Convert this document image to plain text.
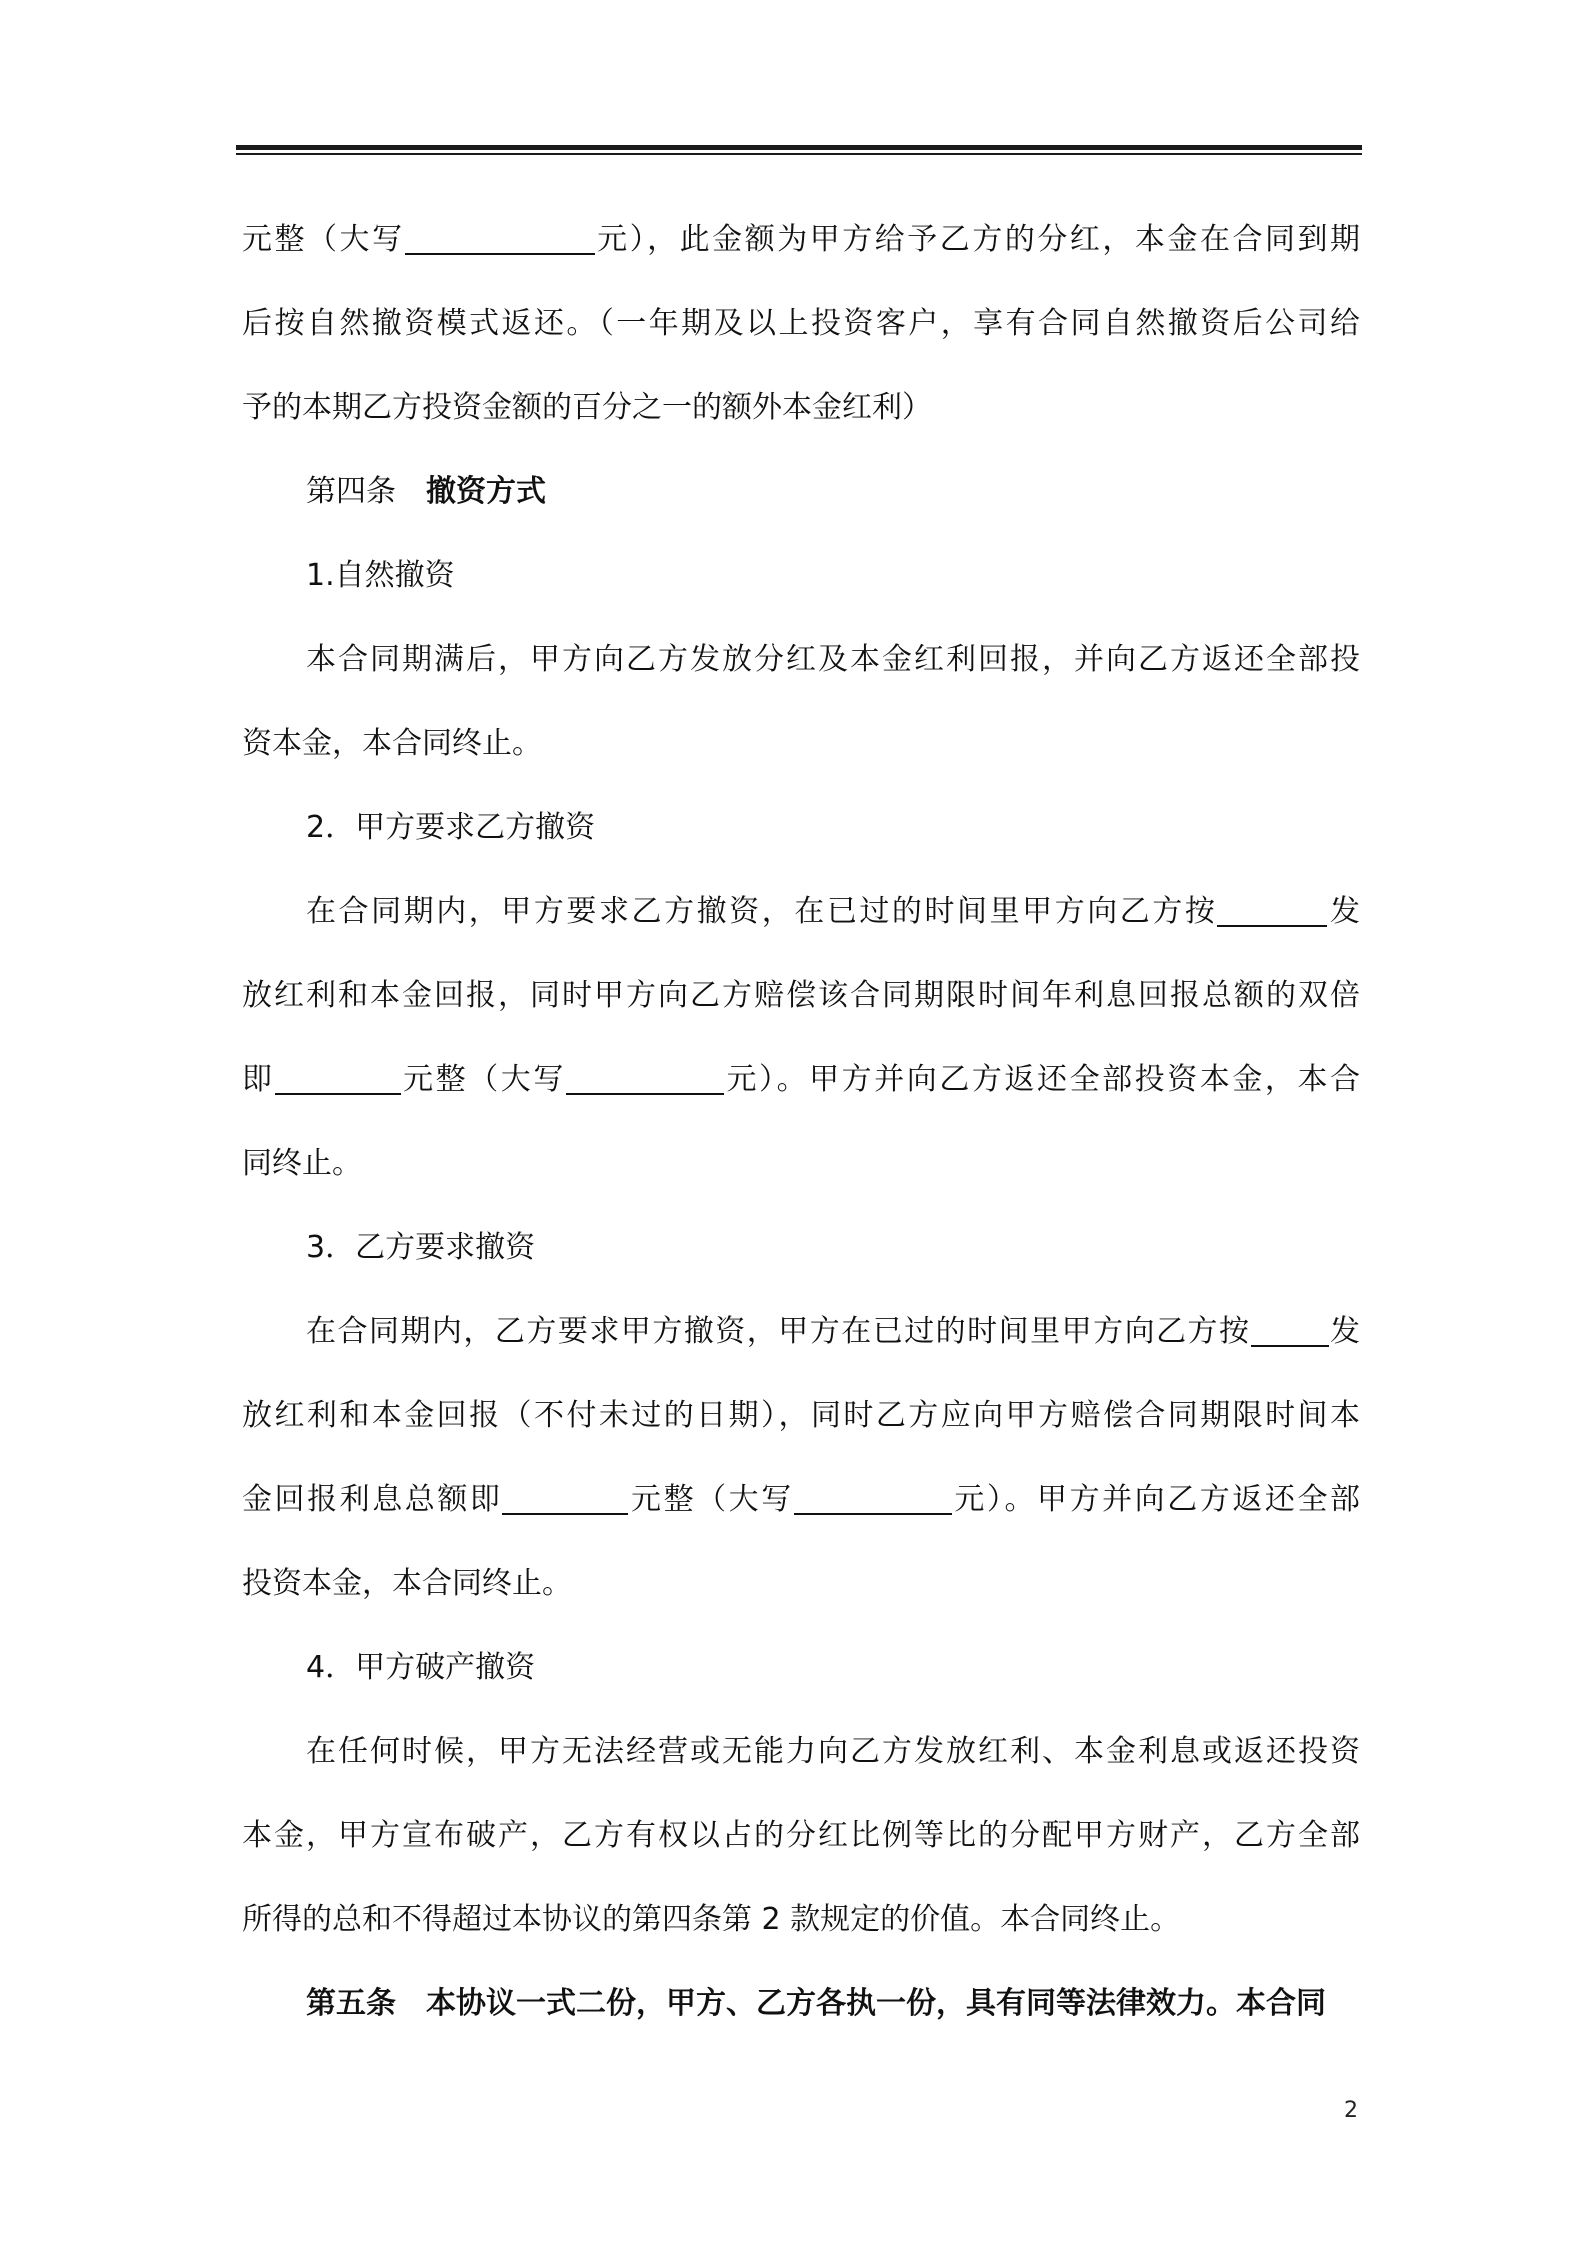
元整（大写	元），此金额为甲方给予乙方的分红，本金在合同到期
后按自然撤资模式返还。（一年期及以上投资客户，享有合同自然撤资后公司给
予的本期乙方投资金额的百分之一的额外本金红利）
第四条 撤资方式
1.自然撤资
本合同期满后，甲方向乙方发放分红及本金红利回报，并向乙方返还全部投
资本金，本合同终止。
2．甲方要求乙方撤资
在合同期内，甲方要求乙方撤资，在已过的时间里甲方向乙方按	发
放红利和本金回报，同时甲方向乙方赔偿该合同期限时间年利息回报总额的双倍
即	元整（大写	元）。甲方并向乙方返还全部投资本金，本合
同终止。
3．乙方要求撤资
在合同期内，乙方要求甲方撤资，甲方在已过的时间里甲方向乙方按	发
放红利和本金回报（不付未过的日期），同时乙方应向甲方赔偿合同期限时间本
金回报利息总额即	元整（大写	元）。甲方并向乙方返还全部
投资本金，本合同终止。
4．甲方破产撤资
在任何时候，甲方无法经营或无能力向乙方发放红利、本金利息或返还投资
本金，甲方宣布破产，乙方有权以占的分红比例等比的分配甲方财产，乙方全部
所得的总和不得超过本协议的第四条第 2 款规定的价值。本合同终止。
第五条 本协议一式二份，甲方、乙方各执一份，具有同等法律效力。本合同
2
